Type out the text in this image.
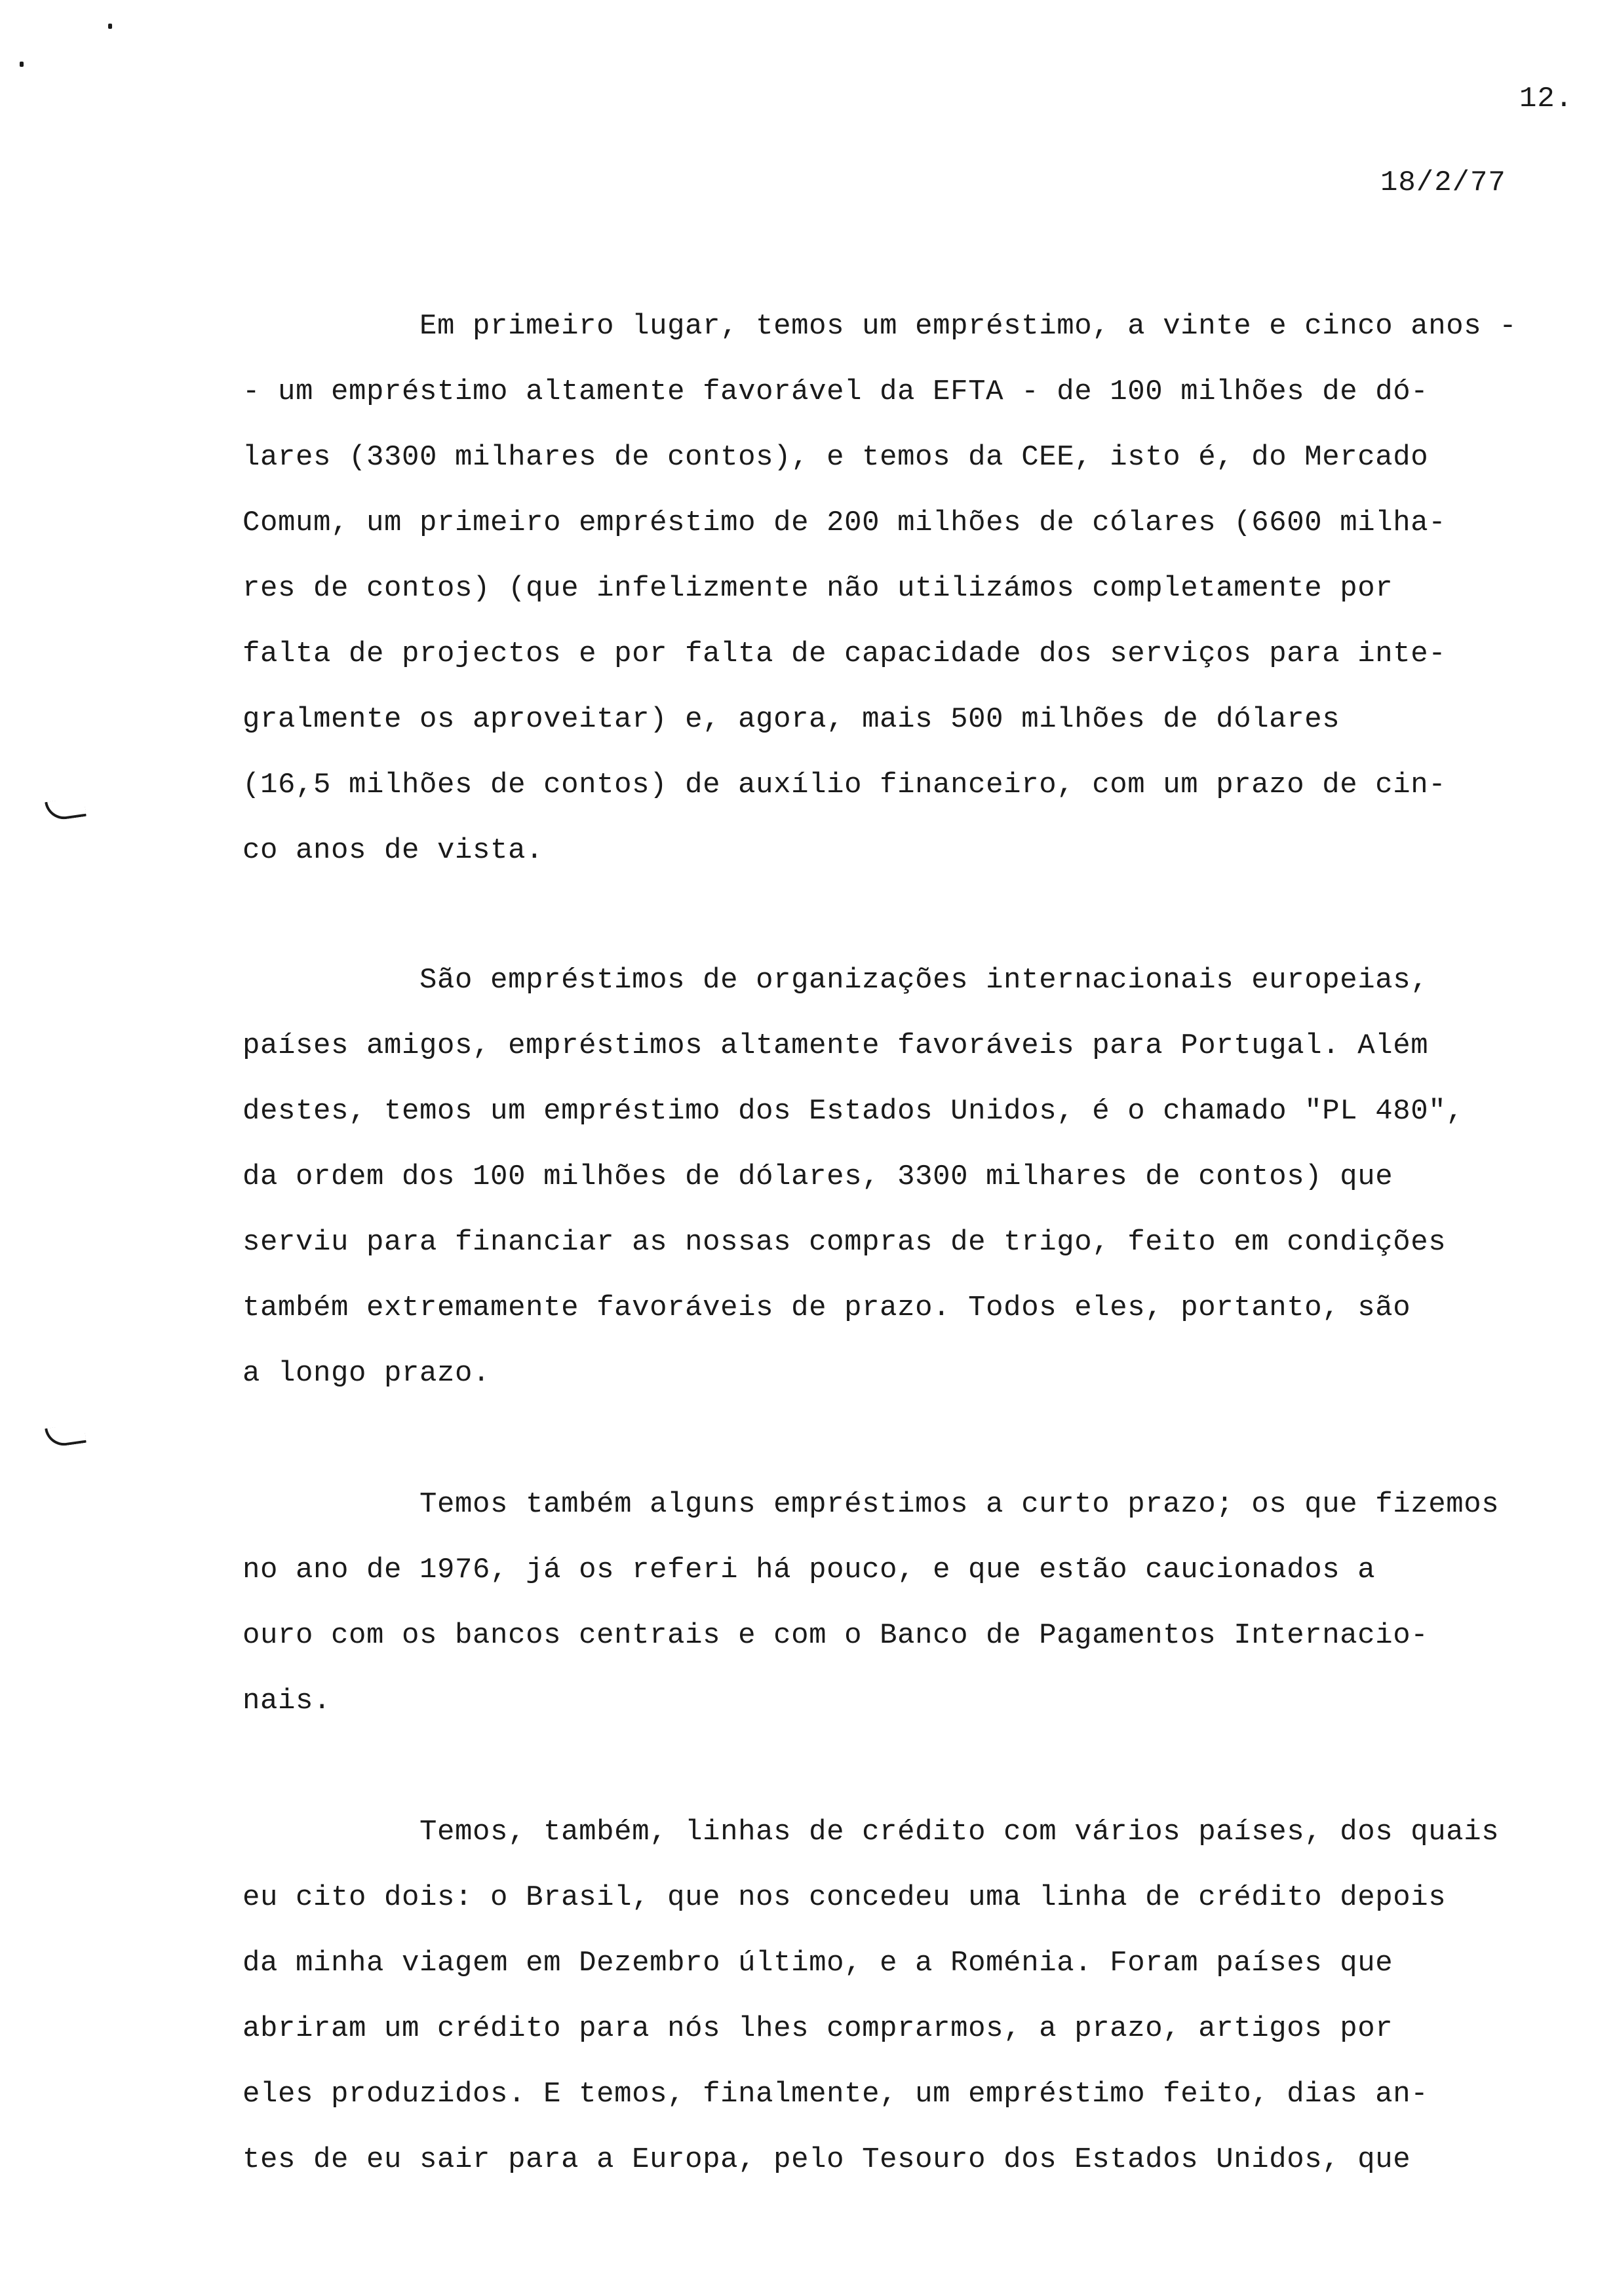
12.
18/2/77
Em primeiro lugar, temos um empréstimo, a vinte e cinco anos -
- um empréstimo altamente favorável da EFTA - de 100 milhões de dó-
lares (3300 milhares de contos), e temos da CEE, isto é, do Mercado
Comum, um primeiro empréstimo de 200 milhões de cólares (6600 milha-
res de contos) (que infelizmente não utilizámos completamente por
falta de projectos e por falta de capacidade dos serviços para inte-
gralmente os aproveitar) e, agora, mais 500 milhões de dólares
(16,5 milhões de contos) de auxílio financeiro, com um prazo de cin-
co anos de vista.
São empréstimos de organizações internacionais europeias,
países amigos, empréstimos altamente favoráveis para Portugal. Além
destes, temos um empréstimo dos Estados Unidos, é o chamado "PL 480",
da ordem dos 100 milhões de dólares, 3300 milhares de contos) que
serviu para financiar as nossas compras de trigo, feito em condições
também extremamente favoráveis de prazo. Todos eles, portanto, são
a longo prazo.
Temos também alguns empréstimos a curto prazo; os que fizemos
no ano de 1976, já os referi há pouco, e que estão caucionados a
ouro com os bancos centrais e com o Banco de Pagamentos Internacio-
nais.
Temos, também, linhas de crédito com vários países, dos quais
eu cito dois: o Brasil, que nos concedeu uma linha de crédito depois
da minha viagem em Dezembro último, e a Roménia. Foram países que
abriram um crédito para nós lhes comprarmos, a prazo, artigos por
eles produzidos. E temos, finalmente, um empréstimo feito, dias an-
tes de eu sair para a Europa, pelo Tesouro dos Estados Unidos, que
